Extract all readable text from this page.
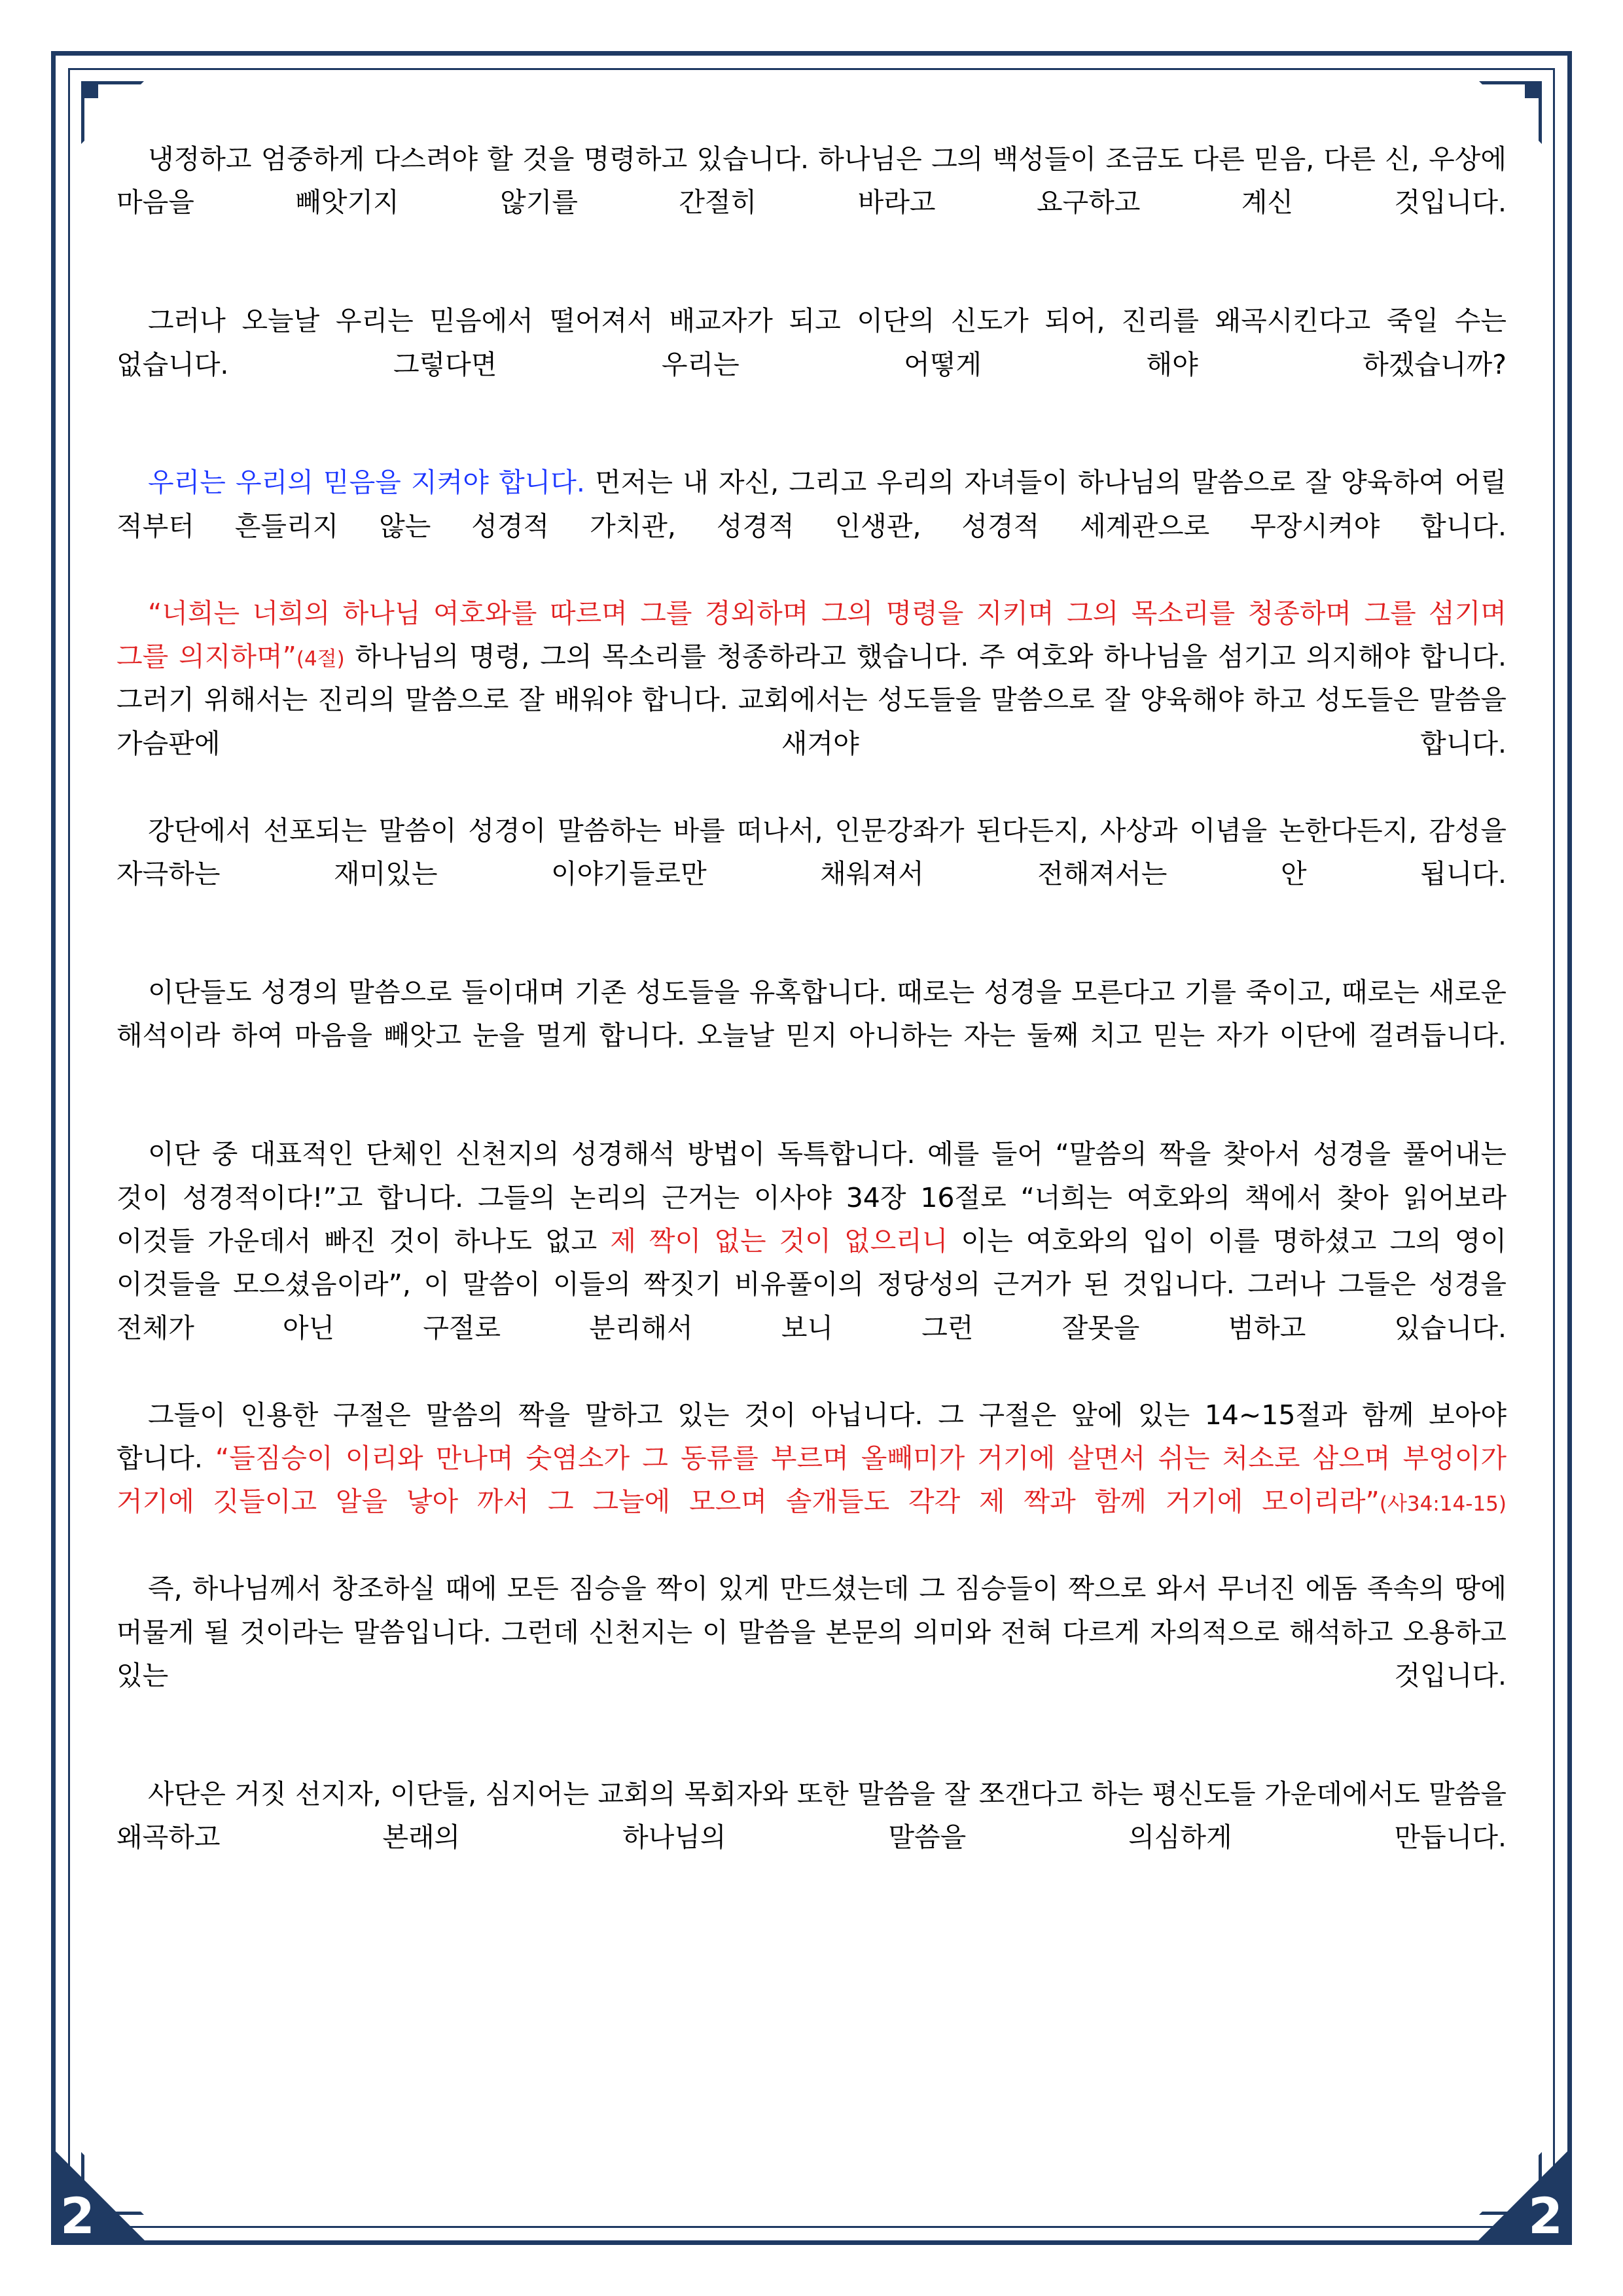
2	2

냉정하고 엄중하게 다스려야 할 것을 명령하고 있습니다. 하나님은 그의 백성들이 조금도 다른 믿음, 다른 신, 우상에 마음을 빼앗기지 않기를 간절히 바라고 요구하고 계신 것입니다.

그러나 오늘날 우리는 믿음에서 떨어져서 배교자가 되고 이단의 신도가 되어, 진리를 왜곡시킨다고 죽일 수는 없습니다. 그렇다면 우리는 어떻게 해야 하겠습니까?

우리는 우리의 믿음을 지켜야 합니다. 먼저는 내 자신, 그리고 우리의 자녀들이 하나님의 말씀으로 잘 양육하여 어릴 적부터 흔들리지 않는 성경적 가치관, 성경적 인생관, 성경적 세계관으로 무장시켜야 합니다.

“너희는 너희의 하나님 여호와를 따르며 그를 경외하며 그의 명령을 지키며 그의 목소리를 청종하며 그를 섬기며 그를 의지하며”(4절) 하나님의 명령, 그의 목소리를 청종하라고 했습니다. 주 여호와 하나님을 섬기고 의지해야 합니다. 그러기 위해서는 진리의 말씀으로 잘 배워야 합니다. 교회에서는 성도들을 말씀으로 잘 양육해야 하고 성도들은 말씀을 가슴판에 새겨야 합니다.

강단에서 선포되는 말씀이 성경이 말씀하는 바를 떠나서, 인문강좌가 된다든지, 사상과 이념을 논한다든지, 감성을 자극하는 재미있는 이야기들로만 채워져서 전해져서는 안 됩니다.

이단들도 성경의 말씀으로 들이대며 기존 성도들을 유혹합니다. 때로는 성경을 모른다고 기를 죽이고, 때로는 새로운 해석이라 하여 마음을 빼앗고 눈을 멀게 합니다. 오늘날 믿지 아니하는 자는 둘째 치고 믿는 자가 이단에 걸려듭니다.

이단 중 대표적인 단체인 신천지의 성경해석 방법이 독특합니다. 예를 들어 “말씀의 짝을 찾아서 성경을 풀어내는 것이 성경적이다!”고 합니다. 그들의 논리의 근거는 이사야 34장 16절로 “너희는 여호와의 책에서 찾아 읽어보라 이것들 가운데서 빠진 것이 하나도 없고 제 짝이 없는 것이 없으리니 이는 여호와의 입이 이를 명하셨고 그의 영이 이것들을 모으셨음이라”, 이 말씀이 이들의 짝짓기 비유풀이의 정당성의 근거가 된 것입니다. 그러나 그들은 성경을 전체가 아닌 구절로 분리해서 보니 그런 잘못을 범하고 있습니다.

그들이 인용한 구절은 말씀의 짝을 말하고 있는 것이 아닙니다. 그 구절은 앞에 있는 14~15절과 함께 보아야 합니다. “들짐승이 이리와 만나며 숫염소가 그 동류를 부르며 올빼미가 거기에 살면서 쉬는 처소로 삼으며 부엉이가 거기에 깃들이고 알을 낳아 까서 그 그늘에 모으며 솔개들도 각각 제 짝과 함께 거기에 모이리라”(사34:14-15)

즉, 하나님께서 창조하실 때에 모든 짐승을 짝이 있게 만드셨는데 그 짐승들이 짝으로 와서 무너진 에돔 족속의 땅에 머물게 될 것이라는 말씀입니다. 그런데 신천지는 이 말씀을 본문의 의미와 전혀 다르게 자의적으로 해석하고 오용하고 있는 것입니다.

사단은 거짓 선지자, 이단들, 심지어는 교회의 목회자와 또한 말씀을 잘 쪼갠다고 하는 평신도들 가운데에서도 말씀을 왜곡하고 본래의 하나님의 말씀을 의심하게 만듭니다.
